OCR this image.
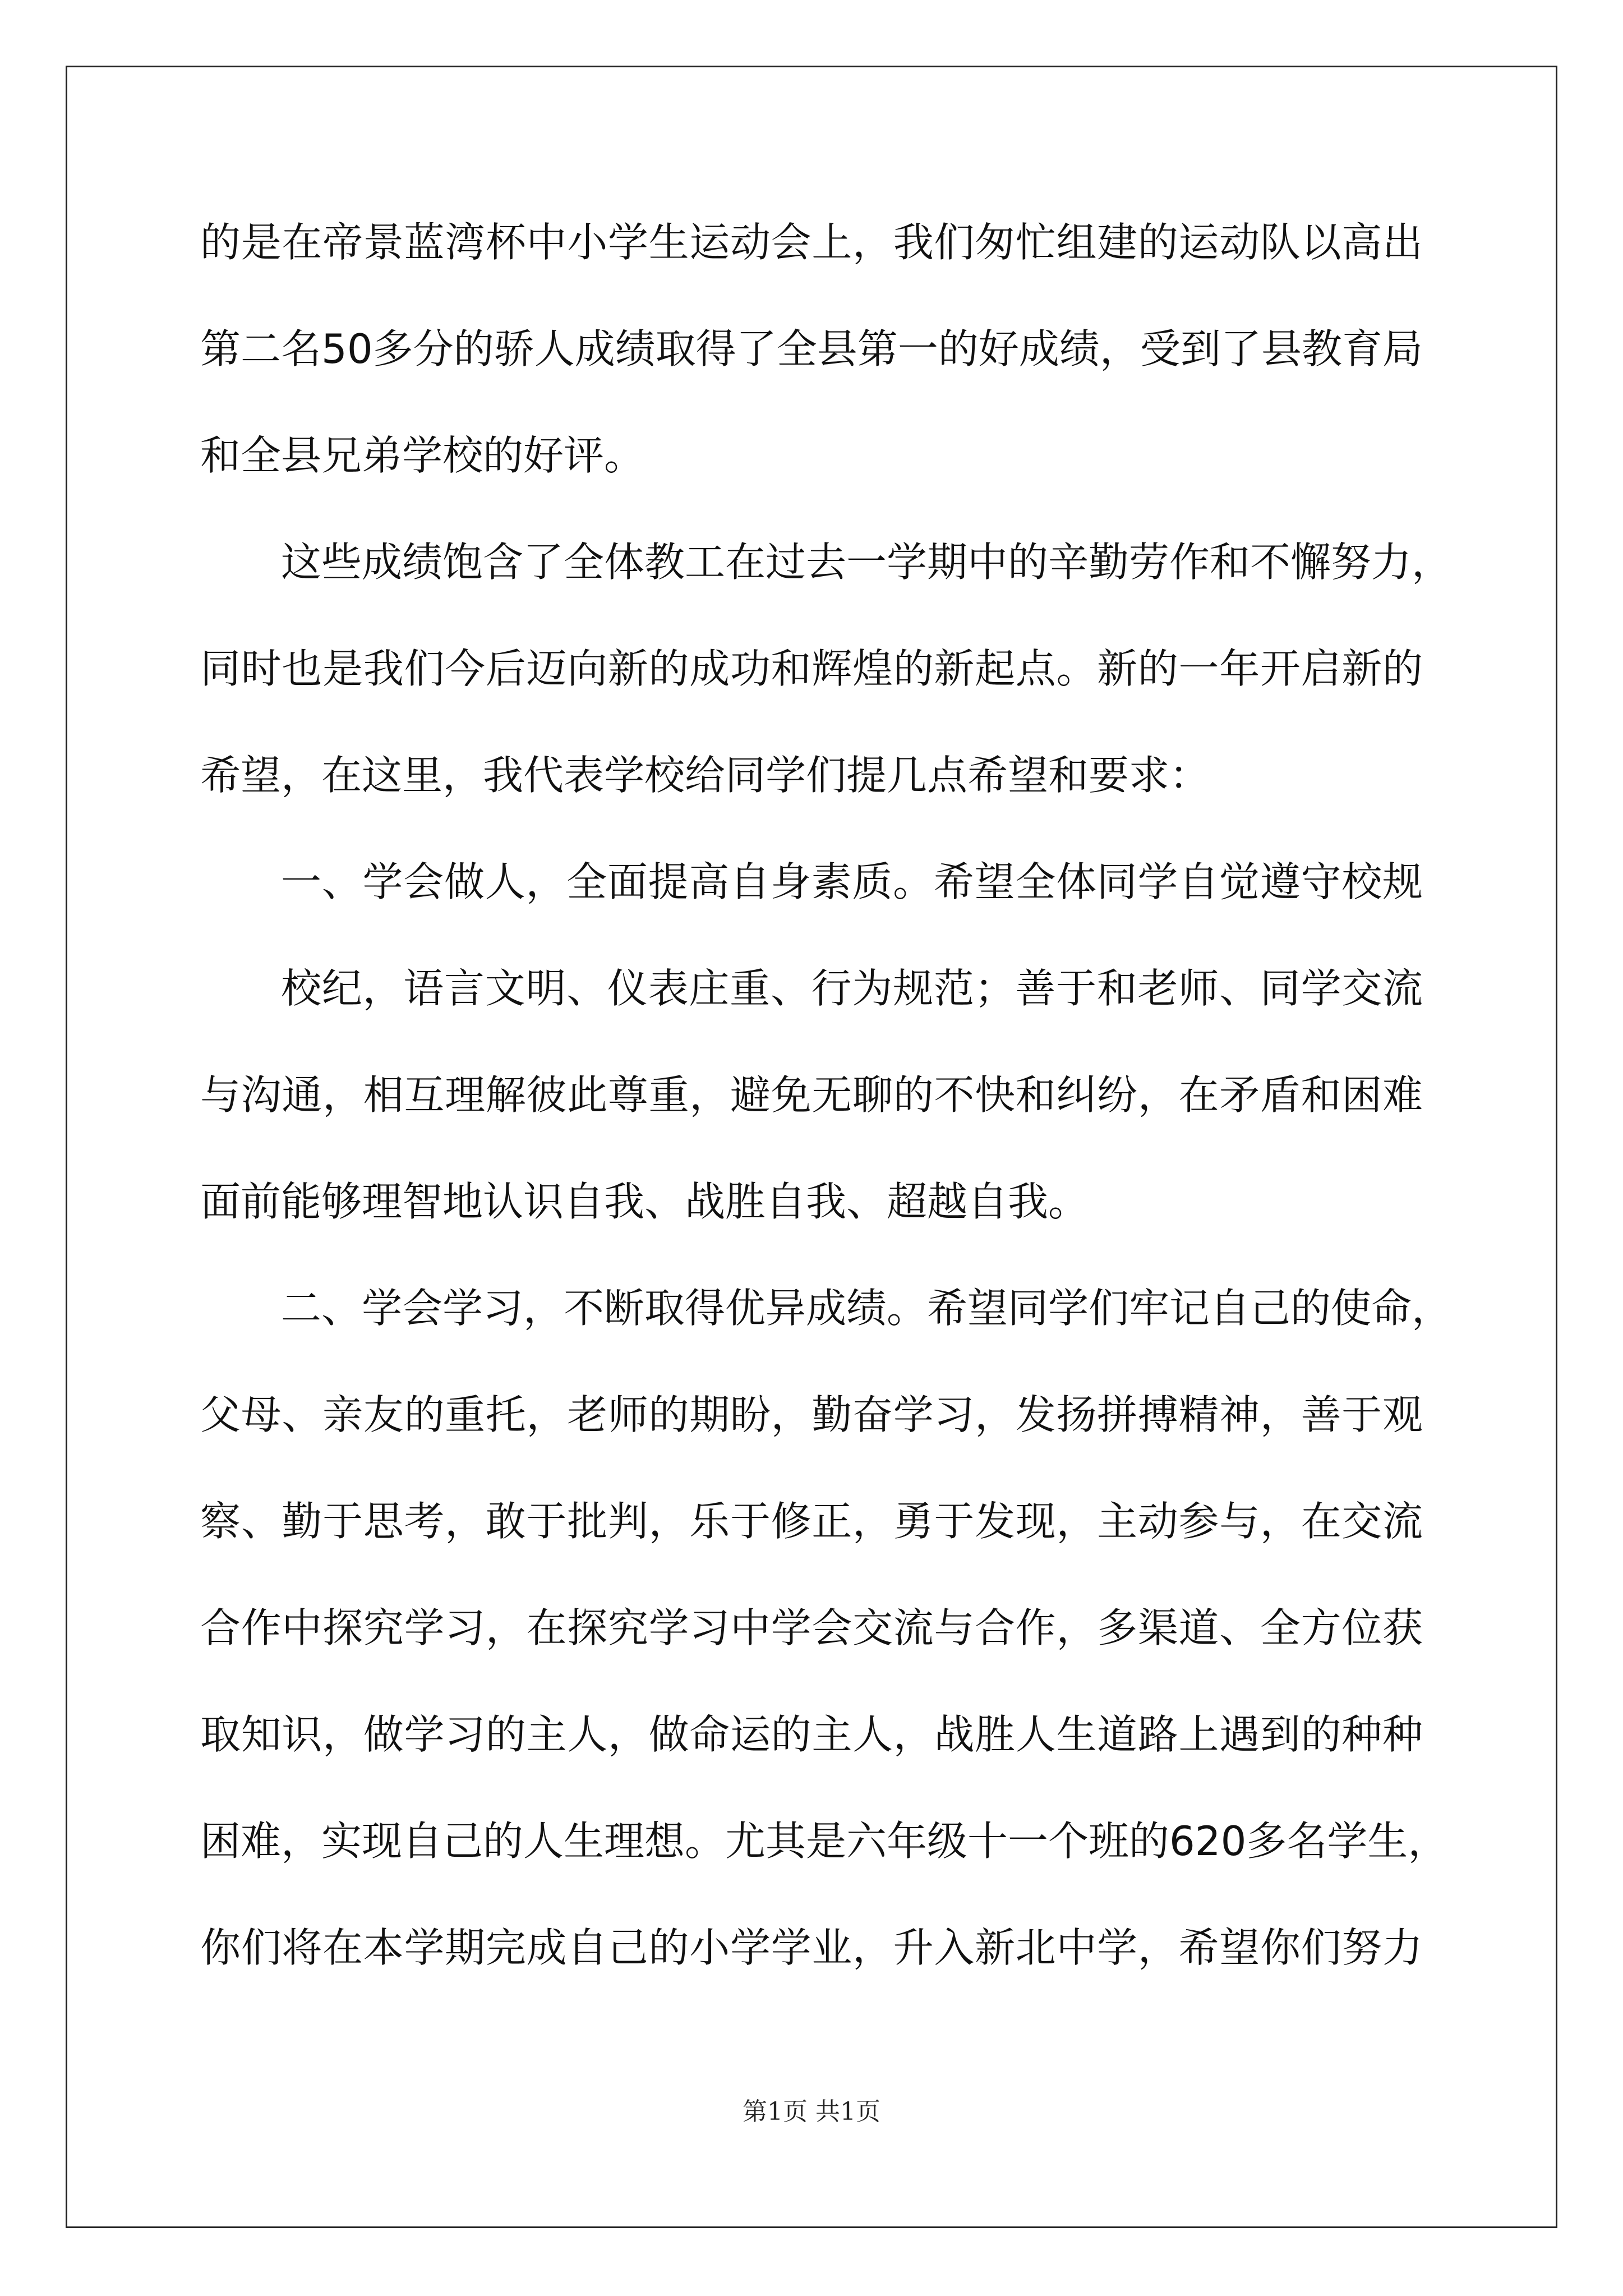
的是在帝景蓝湾杯中小学生运动会上，我们匆忙组建的运动队以高出
第二名50多分的骄人成绩取得了全县第一的好成绩，受到了县教育局
和全县兄弟学校的好评。
这些成绩饱含了全体教工在过去一学期中的辛勤劳作和不懈努力，
同时也是我们今后迈向新的成功和辉煌的新起点。新的一年开启新的
希望，在这里，我代表学校给同学们提几点希望和要求：
一、学会做人，全面提高自身素质。希望全体同学自觉遵守校规
校纪，语言文明、仪表庄重、行为规范；善于和老师、同学交流
与沟通，相互理解彼此尊重，避免无聊的不快和纠纷，在矛盾和困难
面前能够理智地认识自我、战胜自我、超越自我。
二、学会学习，不断取得优异成绩。希望同学们牢记自己的使命，
父母、亲友的重托，老师的期盼，勤奋学习，发扬拼搏精神，善于观
察、勤于思考，敢于批判，乐于修正，勇于发现，主动参与，在交流
合作中探究学习，在探究学习中学会交流与合作，多渠道、全方位获
取知识，做学习的主人，做命运的主人，战胜人生道路上遇到的种种
困难，实现自己的人生理想。尤其是六年级十一个班的620多名学生，
你们将在本学期完成自己的小学学业，升入新北中学，希望你们努力
第1页 共1页
